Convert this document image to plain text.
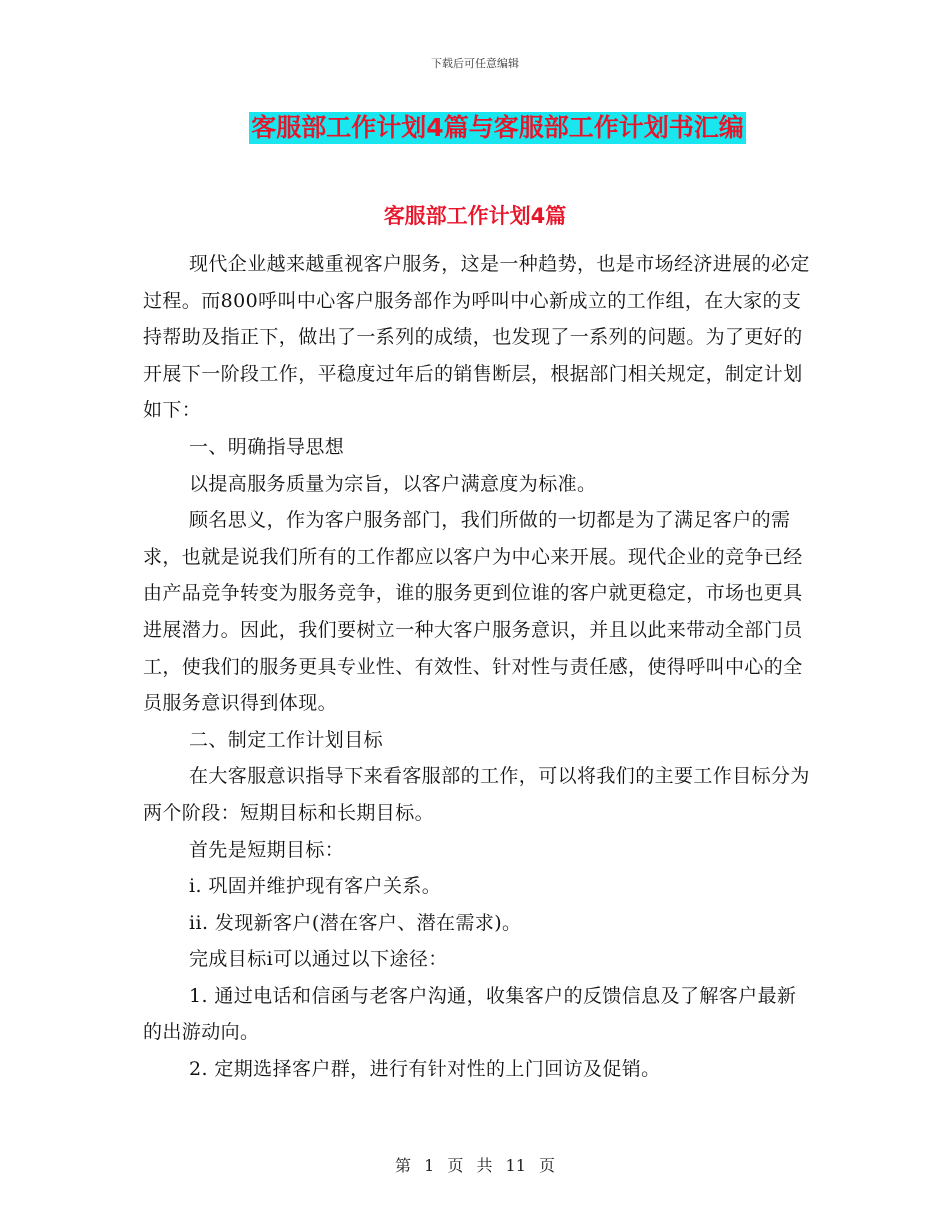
下载后可任意编辑
客服部工作计划4篇与客服部工作计划书汇编
客服部工作计划4篇

现代企业越来越重视客户服务，这是一种趋势，也是市场经济进展的必定过程。而800呼叫中心客户服务部作为呼叫中心新成立的工作组，在大家的支持帮助及指正下，做出了一系列的成绩，也发现了一系列的问题。为了更好的开展下一阶段工作，平稳度过年后的销售断层，根据部门相关规定，制定计划如下：

一、明确指导思想

以提高服务质量为宗旨，以客户满意度为标准。

顾名思义，作为客户服务部门，我们所做的一切都是为了满足客户的需求，也就是说我们所有的工作都应以客户为中心来开展。现代企业的竞争已经由产品竞争转变为服务竞争，谁的服务更到位谁的客户就更稳定，市场也更具进展潜力。因此，我们要树立一种大客户服务意识，并且以此来带动全部门员工，使我们的服务更具专业性、有效性、针对性与责任感，使得呼叫中心的全员服务意识得到体现。

二、制定工作计划目标

在大客服意识指导下来看客服部的工作，可以将我们的主要工作目标分为两个阶段：短期目标和长期目标。

首先是短期目标：

i. 巩固并维护现有客户关系。

ii. 发现新客户(潜在客户、潜在需求)。

完成目标i可以通过以下途径：

1. 通过电话和信函与老客户沟通，收集客户的反馈信息及了解客户最新的出游动向。

2. 定期选择客户群，进行有针对性的上门回访及促销。

第 1 页 共 11 页
